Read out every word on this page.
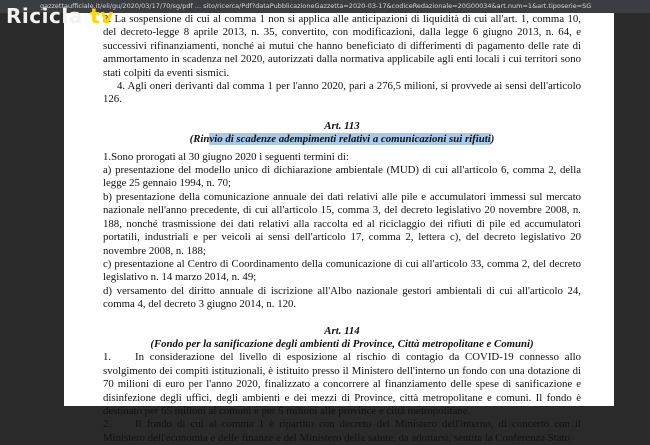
gazzettaufficiale.it/eli/gu/2020/03/17/70/sg/pdf ... sito/ricerca/Pdf?dataPubblicazioneGazzetta=2020-03-17&codiceRedazionale=20G00034&art.num=1&art.tiposerie=SG

3. La sospensione di cui al comma 1 non si applica alle anticipazioni di liquidità di cui all'art. 1, comma 10, del decreto-legge 8 aprile 2013, n. 35, convertito, con modificazioni, dalla legge 6 giugno 2013, n. 64, e successivi rifinanziamenti, nonché ai mutui che hanno beneficiato di differimenti di pagamento delle rate di ammortamento in scadenza nel 2020, autorizzati dalla normativa applicabile agli enti locali i cui territori sono stati colpiti da eventi sismici.

4. Agli oneri derivanti dal comma 1 per l'anno 2020, pari a 276,5 milioni, si provvede ai sensi dell'articolo 126.

Art. 113

(Rinvio di scadenze adempimenti relativi a comunicazioni sui rifiuti)

1.Sono prorogati al 30 giugno 2020 i seguenti termini di:

a) presentazione del modello unico di dichiarazione ambientale (MUD) di cui all'articolo 6, comma 2, della legge 25 gennaio 1994, n. 70;

b) presentazione della comunicazione annuale dei dati relativi alle pile e accumulatori immessi sul mercato nazionale nell'anno precedente, di cui all'articolo 15, comma 3, del decreto legislativo 20 novembre 2008, n. 188, nonché trasmissione dei dati relativi alla raccolta ed al riciclaggio dei rifiuti di pile ed accumulatori portatili, industriali e per veicoli ai sensi dell'articolo 17, comma 2, lettera c), del decreto legislativo 20 novembre 2008, n. 188;

c) presentazione al Centro di Coordinamento della comunicazione di cui all'articolo 33, comma 2, del decreto legislativo n. 14 marzo 2014, n. 49;

d) versamento del diritto annuale di iscrizione all'Albo nazionale gestori ambientali di cui all'articolo 24, comma 4, del decreto 3 giugno 2014, n. 120.

Art. 114

(Fondo per la sanificazione degli ambienti di Province, Città metropolitane e Comuni)

1. In considerazione del livello di esposizione al rischio di contagio da COVID-19 connesso allo svolgimento dei compiti istituzionali, è istituito presso il Ministero dell'interno un fondo con una dotazione di 70 milioni di euro per l'anno 2020, finalizzato a concorrere al finanziamento delle spese di sanificazione e disinfezione degli uffici, degli ambienti e dei mezzi di Province, città metropolitane e comuni. Il fondo è destinato per 65 milioni ai comuni e per 5 milioni alle province e città metropolitane.

2. Il fondo di cui al comma 1 è ripartito con decreto del Ministero dell'interno, di concerto con il Ministero dell'economia e delle finanze e del Ministero della salute, da adottarsi, sentita la Conferenza Stato

Ricicla tv
